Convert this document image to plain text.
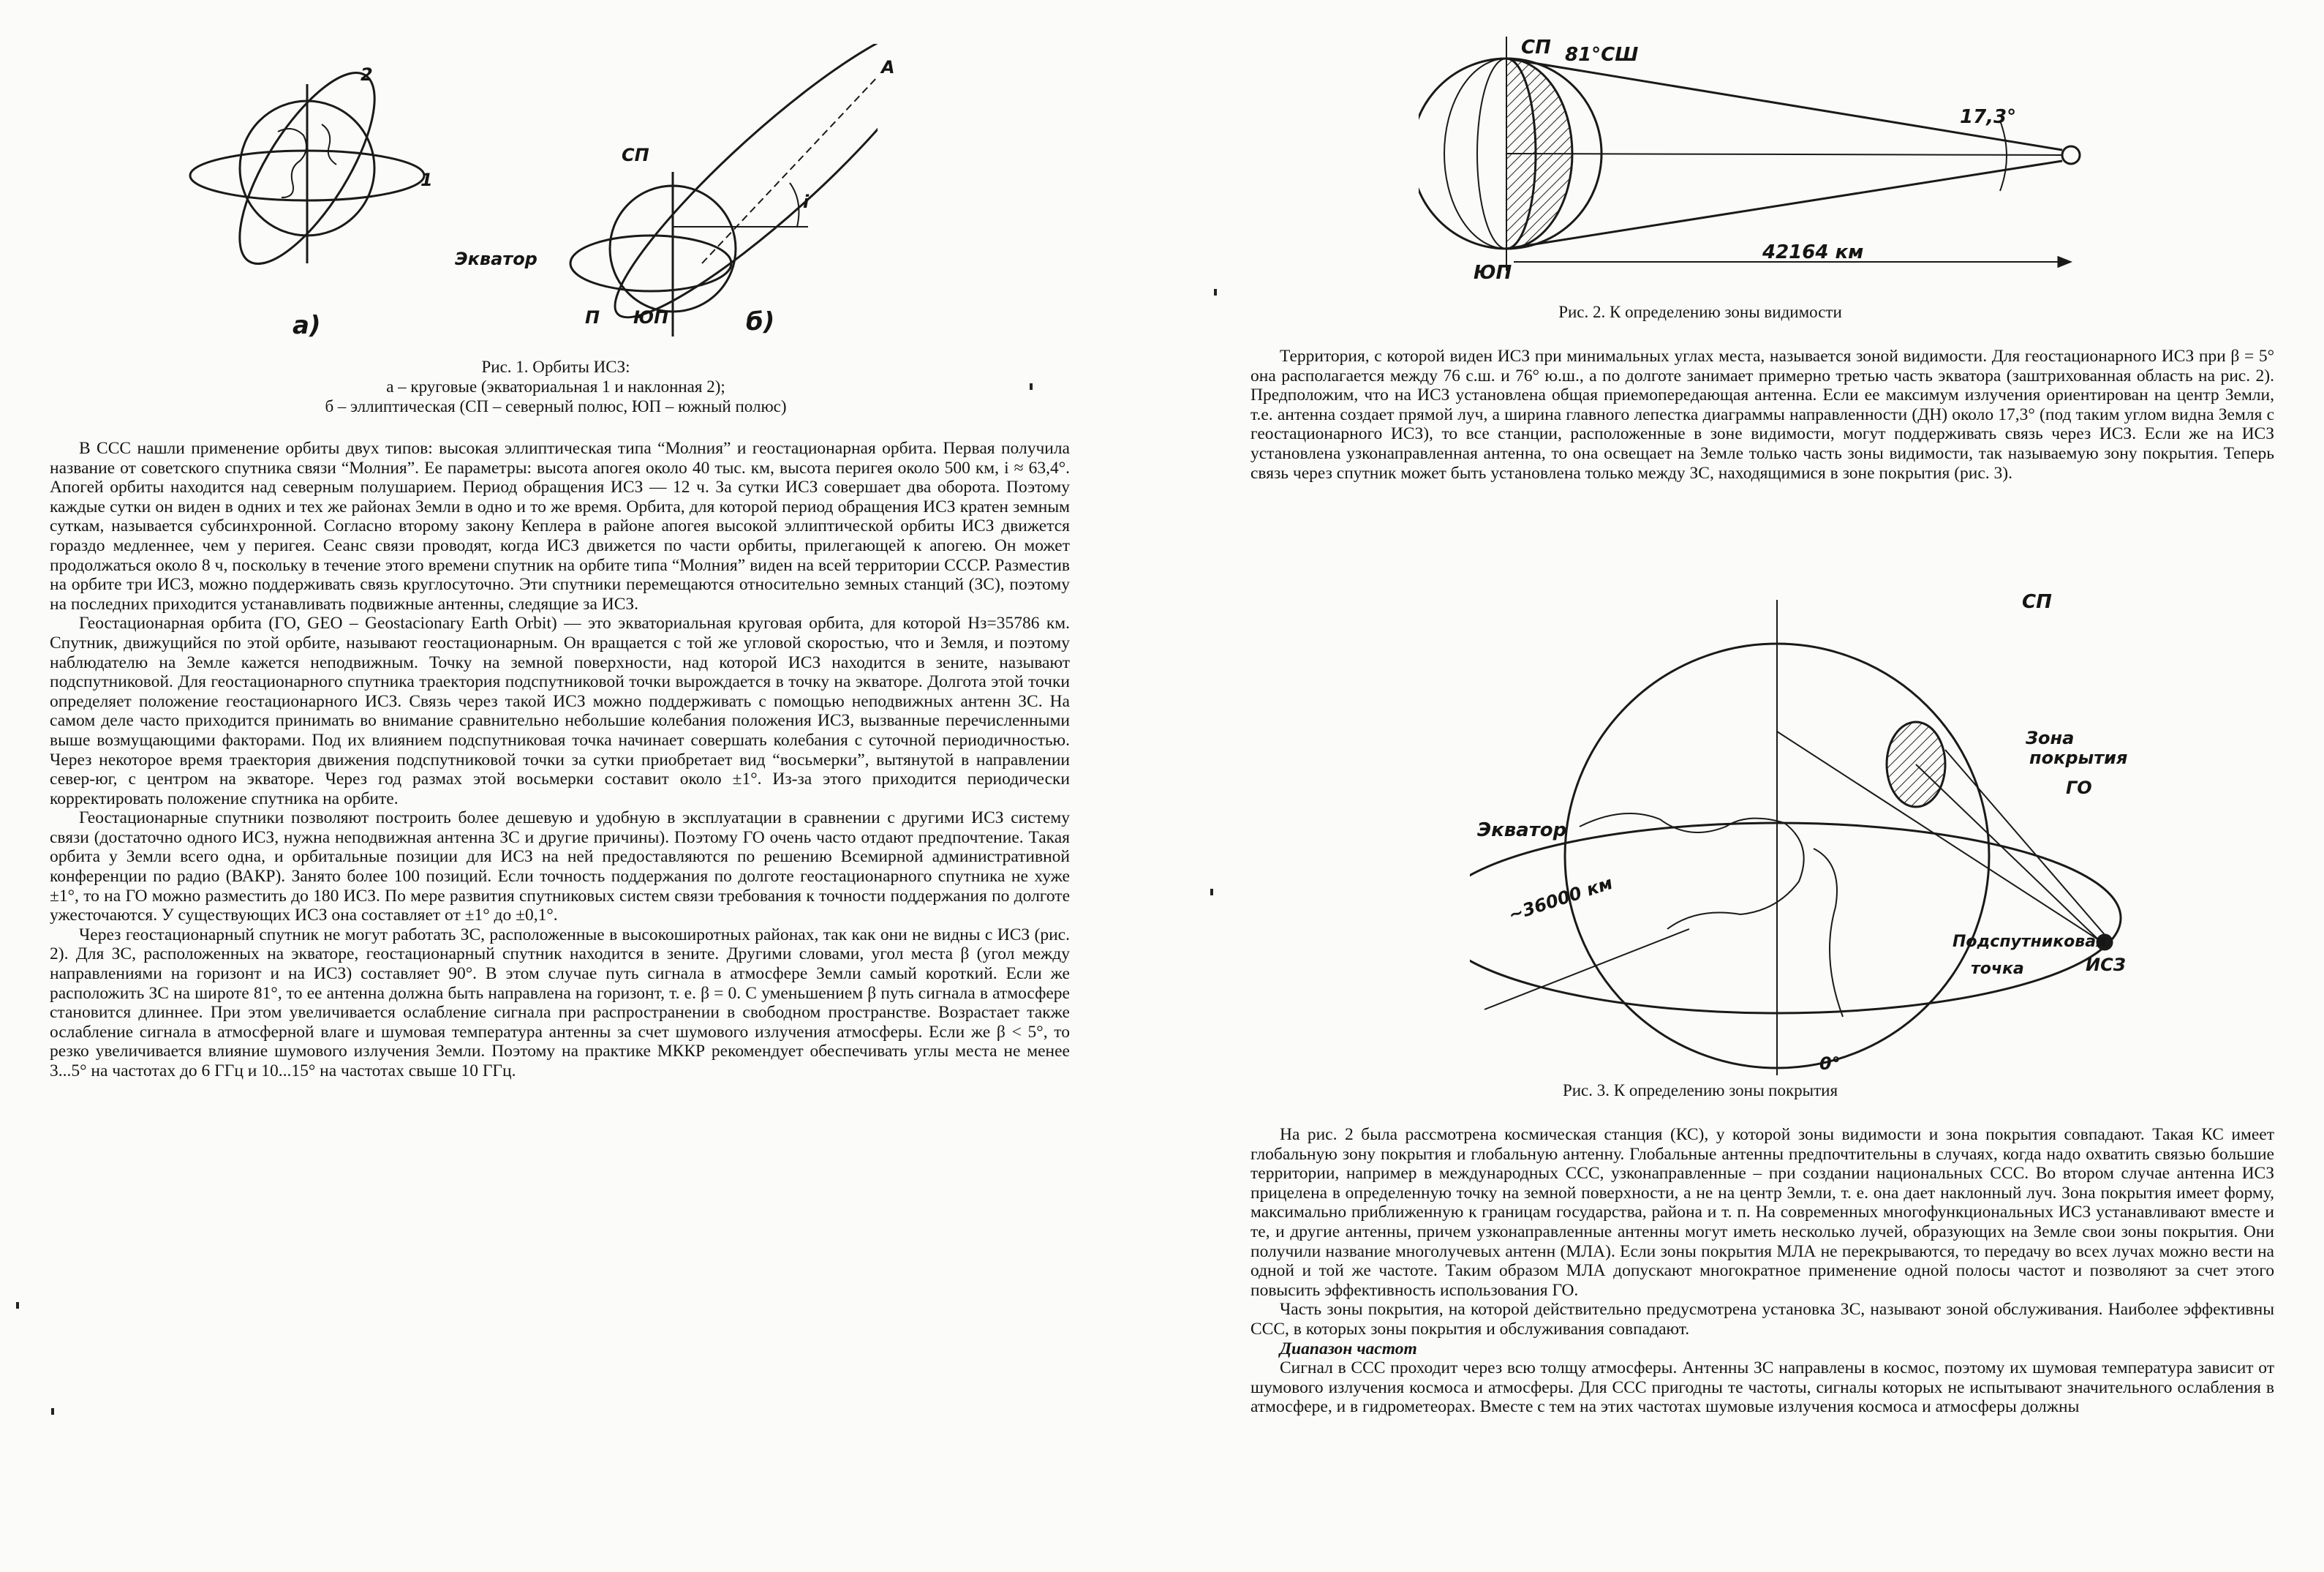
2
1
A
СП
i
Экватор
П ЮП
а)	б)
Рис. 1. Орбиты ИСЗ:
а – круговые (экваториальная 1 и наклонная 2);
б – эллиптическая (СП – северный полюс, ЮП – южный полюс)

В ССС нашли применение орбиты двух типов: высокая эллиптическая типа “Молния” и геостационарная орбита. Первая получила название от советского спутника связи “Молния”. Ее параметры: высота апогея около 40 тыс. км, высота перигея около 500 км, i ≈ 63,4°. Апогей орбиты находится над северным полушарием. Период обращения ИСЗ — 12 ч. За сутки ИСЗ совершает два оборота. Поэтому каждые сутки он виден в одних и тех же районах Земли в одно и то же время. Орбита, для которой период обращения ИСЗ кратен земным суткам, называется субсинхронной. Согласно второму закону Кеплера в районе апогея высокой эллиптической орбиты ИСЗ движется гораздо медленнее, чем у перигея. Сеанс связи проводят, когда ИСЗ движется по части орбиты, прилегающей к апогею. Он может продолжаться около 8 ч, поскольку в течение этого времени спутник на орбите типа “Молния” виден на всей территории СССР. Разместив на орбите три ИСЗ, можно поддерживать связь круглосуточно. Эти спутники перемещаются относительно земных станций (ЗС), поэтому на последних приходится устанавливать подвижные антенны, следящие за ИСЗ.

Геостационарная орбита (ГО, GEO – Geostacionary Earth Orbit) — это экваториальная круговая орбита, для которой Hз=35786 км. Спутник, движущийся по этой орбите, называют геостационарным. Он вращается с той же угловой скоростью, что и Земля, и поэтому наблюдателю на Земле кажется неподвижным. Точку на земной поверхности, над которой ИСЗ находится в зените, называют подспутниковой. Для геостационарного спутника траектория подспутниковой точки вырождается в точку на экваторе. Долгота этой точки определяет положение геостационарного ИСЗ. Связь через такой ИСЗ можно поддерживать с помощью неподвижных антенн ЗС. На самом деле часто приходится принимать во внимание сравнительно небольшие колебания положения ИСЗ, вызванные перечисленными выше возмущающими факторами. Под их влиянием подспутниковая точка начинает совершать колебания с суточной периодичностью. Через некоторое время траектория движения подспутниковой точки за сутки приобретает вид “восьмерки”, вытянутой в направлении север-юг, с центром на экваторе. Через год размах этой восьмерки составит около ±1°. Из-за этого приходится периодически корректировать положение спутника на орбите.

Геостационарные спутники позволяют построить более дешевую и удобную в эксплуатации в сравнении с другими ИСЗ систему связи (достаточно одного ИСЗ, нужна неподвижная антенна ЗС и другие причины). Поэтому ГО очень часто отдают предпочтение. Такая орбита у Земли всего одна, и орбитальные позиции для ИСЗ на ней предоставляются по решению Всемирной административной конференции по радио (ВАКР). Занято более 100 позиций. Если точность поддержания по долготе геостационарного спутника не хуже ±1°, то на ГО можно разместить до 180 ИСЗ. По мере развития спутниковых систем связи требования к точности поддержания по долготе ужесточаются. У существующих ИСЗ она составляет от ±1° до ±0,1°.

Через геостационарный спутник не могут работать ЗС, расположенные в высокоширотных районах, так как они не видны с ИСЗ (рис. 2). Для ЗС, расположенных на экваторе, геостационарный спутник находится в зените. Другими словами, угол места β (угол между направлениями на горизонт и на ИСЗ) составляет 90°. В этом случае путь сигнала в атмосфере Земли самый короткий. Если же расположить ЗС на широте 81°, то ее антенна должна быть направлена на горизонт, т. е. β = 0. С уменьшением β путь сигнала в атмосфере становится длиннее. При этом увеличивается ослабление сигнала при распространении в свободном пространстве. Возрастает также ослабление сигнала в атмосферной влаге и шумовая температура антенны за счет шумового излучения атмосферы. Если же β < 5°, то резко увеличивается влияние шумового излучения Земли. Поэтому на практике МККР рекомендует обеспечивать углы места не менее 3...5° на частотах до 6 ГГц и 10...15° на частотах свыше 10 ГГц.

СП 81°СШ
17,3°
ЮП
42164 км
Рис. 2. К определению зоны видимости

Территория, с которой виден ИСЗ при минимальных углах места, называется зоной видимости. Для геостационарного ИСЗ при β = 5° она располагается между 76 с.ш. и 76° ю.ш., а по долготе занимает примерно третью часть экватора (заштрихованная область на рис. 2). Предположим, что на ИСЗ установлена общая приемопередающая антенна. Если ее максимум излучения ориентирован на центр Земли, т.е. антенна создает прямой луч, а ширина главного лепестка диаграммы направленности (ДН) около 17,3° (под таким углом видна Земля с геостационарного ИСЗ), то все станции, расположенные в зоне видимости, могут поддерживать связь через ИСЗ. Если же на ИСЗ установлена узконаправленная антенна, то она освещает на Земле только часть зоны видимости, так называемую зону покрытия. Теперь связь через спутник может быть установлена только между ЗС, находящимися в зоне покрытия (рис. 3).

СП
Зона
покрытия
ГО
Экватор
~36000 км
Подспутниковая
точка	ИСЗ
0°
Рис. 3. К определению зоны покрытия

На рис. 2 была рассмотрена космическая станция (КС), у которой зоны видимости и зона покрытия совпадают. Такая КС имеет глобальную зону покрытия и глобальную антенну. Глобальные антенны предпочтительны в случаях, когда надо охватить связью большие территории, например в международных ССС, узконаправленные – при создании национальных ССС. Во втором случае антенна ИСЗ прицелена в определенную точку на земной поверхности, а не на центр Земли, т. е. она дает наклонный луч. Зона покрытия имеет форму, максимально приближенную к границам государства, района и т. п. На современных многофункциональных ИСЗ устанавливают вместе и те, и другие антенны, причем узконаправленные антенны могут иметь несколько лучей, образующих на Земле свои зоны покрытия. Они получили название многолучевых антенн (МЛА). Если зоны покрытия МЛА не перекрываются, то передачу во всех лучах можно вести на одной и той же частоте. Таким образом МЛА допускают многократное применение одной полосы частот и позволяют за счет этого повысить эффективность использования ГО.

Часть зоны покрытия, на которой действительно предусмотрена установка ЗС, называют зоной обслуживания. Наиболее эффективны ССС, в которых зоны покрытия и обслуживания совпадают.

Диапазон частот

Сигнал в ССС проходит через всю толщу атмосферы. Антенны ЗС направлены в космос, поэтому их шумовая температура зависит от шумового излучения космоса и атмосферы. Для ССС пригодны те частоты, сигналы которых не испытывают значительного ослабления в атмосфере, и в гидрометеорах. Вместе с тем на этих частотах шумовые излучения космоса и атмосферы должны
